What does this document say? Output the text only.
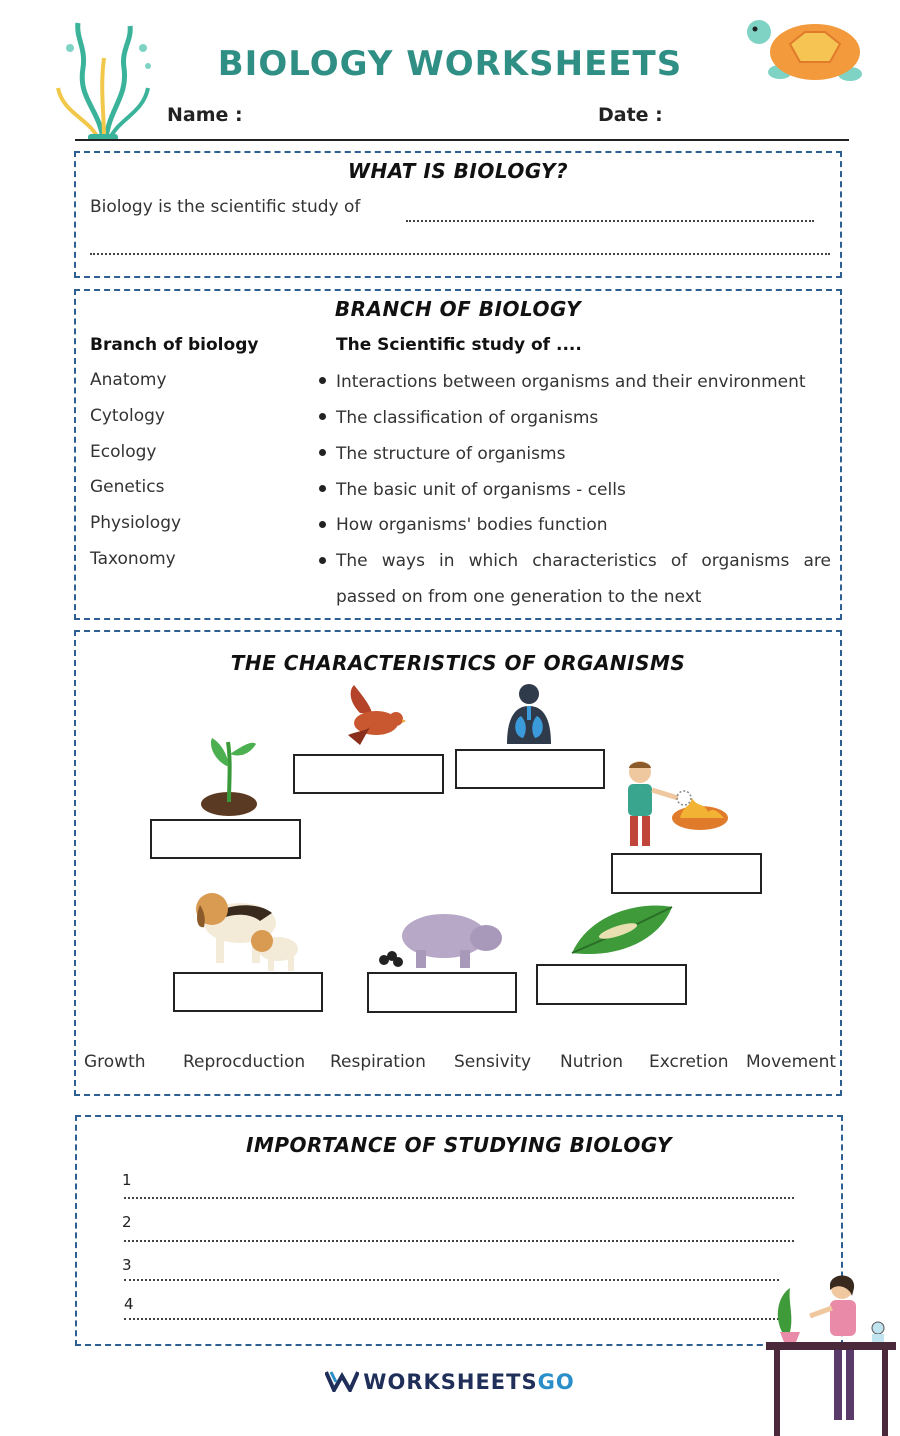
BIOLOGY WORKSHEETS
Name :	Date :
WHAT IS BIOLOGY?
Biology is the scientific study of
BRANCH OF BIOLOGY
Branch of biology	The Scientific study of ....
Anatomy
Cytology
Ecology
Genetics
Physiology
Taxonomy
Interactions between organisms and their environment
The classification of organisms
The structure of organisms
The basic unit of organisms - cells
How organisms' bodies function
The ways in which characteristics of organisms are
passed on from one generation to the next
THE CHARACTERISTICS OF ORGANISMS
Growth Reprocduction Respiration Sensivity Nutrion Excretion Movement
IMPORTANCE OF STUDYING BIOLOGY
1
2
3
4
WORKSHEETSGO
